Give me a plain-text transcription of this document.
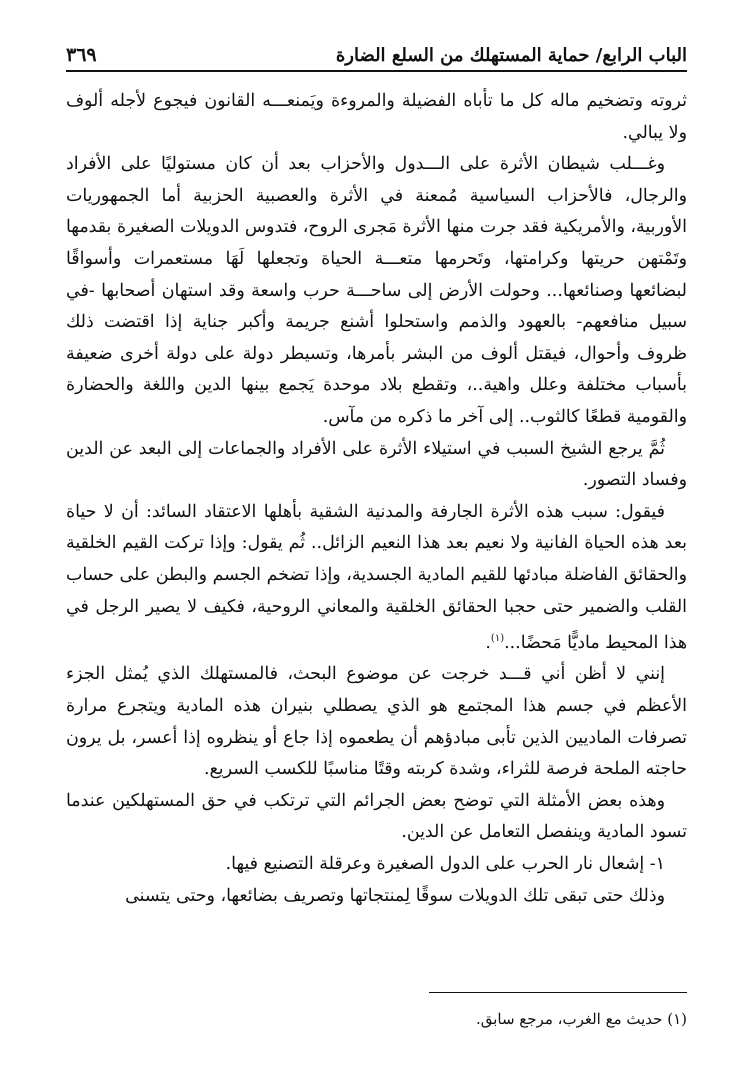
الباب الرابع/ حماية المستهلك من السلع الضارة
٣٦٩

ثروته وتضخيم ماله كل ما تأباه الفضيلة والمروءة ويَمنعـــه القانون فيجوع لأجله ألوف ولا يبالي.

وغـــلب شيطان الأثرة على الـــدول والأحزاب بعد أن كان مستوليًا على الأفراد والرجال، فالأحزاب السياسية مُمعنة في الأثرة والعصبية الحزبية أما الجمهوريات الأوربية، والأمريكية فقد جرت منها الأثرة مَجرى الروح، فتدوس الدويلات الصغيرة بقدمها وتَمْتهن حريتها وكرامتها، وتَحرمها متعـــة الحياة وتجعلها لَهَا مستعمرات وأسواقًا لبضائعها وصنائعها... وحولت الأرض إلى ساحـــة حرب واسعة وقد استهان أصحابها -في سبيل منافعهم- بالعهود والذمم واستحلوا أشنع جريمة وأكبر جناية إذا اقتضت ذلك ظروف وأحوال، فيقتل ألوف من البشر بأمرها، وتسيطر دولة على دولة أخرى ضعيفة بأسباب مختلفة وعلل واهية..، وتقطع بلاد موحدة يَجمع بينها الدين واللغة والحضارة والقومية قطعًا كالثوب.. إلى آخر ما ذكره من مآس.

ثُمَّ يرجع الشيخ السبب في استيلاء الأثرة على الأفراد والجماعات إلى البعد عن الدين وفساد التصور.

فيقول: سبب هذه الأثرة الجارفة والمدنية الشقية بأهلها الاعتقاد السائد: أن لا حياة بعد هذه الحياة الفانية ولا نعيم بعد هذا النعيم الزائل.. ثُم يقول: وإذا تركت القيم الخلقية والحقائق الفاضلة مبادئها للقيم المادية الجسدية، وإذا تضخم الجسم والبطن على حساب القلب والضمير حتى حجبا الحقائق الخلقية والمعاني الروحية، فكيف لا يصير الرجل في هذا المحيط ماديًّا مَحضًا...$^{(١)}$.

إنني لا أظن أني قـــد خرجت عن موضوع البحث، فالمستهلك الذي يُمثل الجزء الأعظم في جسم هذا المجتمع هو الذي يصطلي بنيران هذه المادية ويتجرع مرارة تصرفات الماديين الذين تأبى مبادؤهم أن يطعموه إذا جاع أو ينظروه إذا أعسر، بل يرون حاجته الملحة فرصة للثراء، وشدة كربته وقتًا مناسبًا للكسب السريع.

وهذه بعض الأمثلة التي توضح بعض الجرائم التي ترتكب في حق المستهلكين عندما تسود المادية وينفصل التعامل عن الدين.

١- إشعال نار الحرب على الدول الصغيرة وعرقلة التصنيع فيها.

وذلك حتى تبقى تلك الدويلات سوقًا لِمنتجاتها وتصريف بضائعها، وحتى يتسنى

(١) حديث مع الغرب، مرجع سابق.
